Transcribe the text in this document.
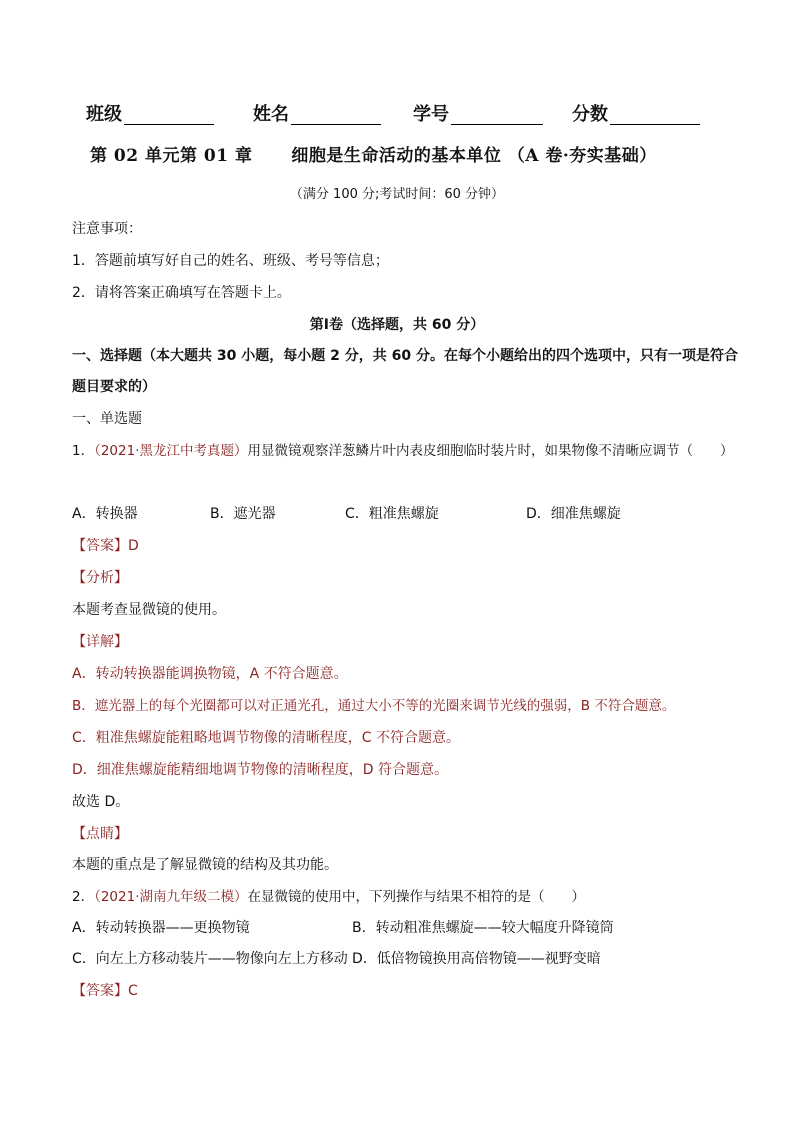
班级	姓名	学号	分数
第 02 单元第 01 章 细胞是生命活动的基本单位 （A 卷·夯实基础）
（满分 100 分;考试时间：60 分钟）
注意事项：
1．答题前填写好自己的姓名、班级、考号等信息；
2．请将答案正确填写在答题卡上。
第Ⅰ卷（选择题，共 60 分）
一、选择题（本大题共 30 小题，每小题 2 分，共 60 分。在每个小题给出的四个选项中，只有一项是符合
题目要求的）
一、单选题
1．（2021·黑龙江中考真题）用显微镜观察洋葱鳞片叶内表皮细胞临时装片时，如果物像不清晰应调节（　　）
A．转换器	B．遮光器	C．粗准焦螺旋	D．细准焦螺旋
【答案】D
【分析】
本题考查显微镜的使用。
【详解】
A．转动转换器能调换物镜，A 不符合题意。
B．遮光器上的每个光圈都可以对正通光孔，通过大小不等的光圈来调节光线的强弱，B 不符合题意。
C．粗准焦螺旋能粗略地调节物像的清晰程度，C 不符合题意。
D．细准焦螺旋能精细地调节物像的清晰程度，D 符合题意。
故选 D。
【点睛】
本题的重点是了解显微镜的结构及其功能。
2．（2021·湖南九年级二模）在显微镜的使用中，下列操作与结果不相符的是（　　）
A．转动转换器——更换物镜	B．转动粗准焦螺旋——较大幅度升降镜筒
C．向左上方移动装片——物像向左上方移动 D．低倍物镜换用高倍物镜——视野变暗
【答案】C
